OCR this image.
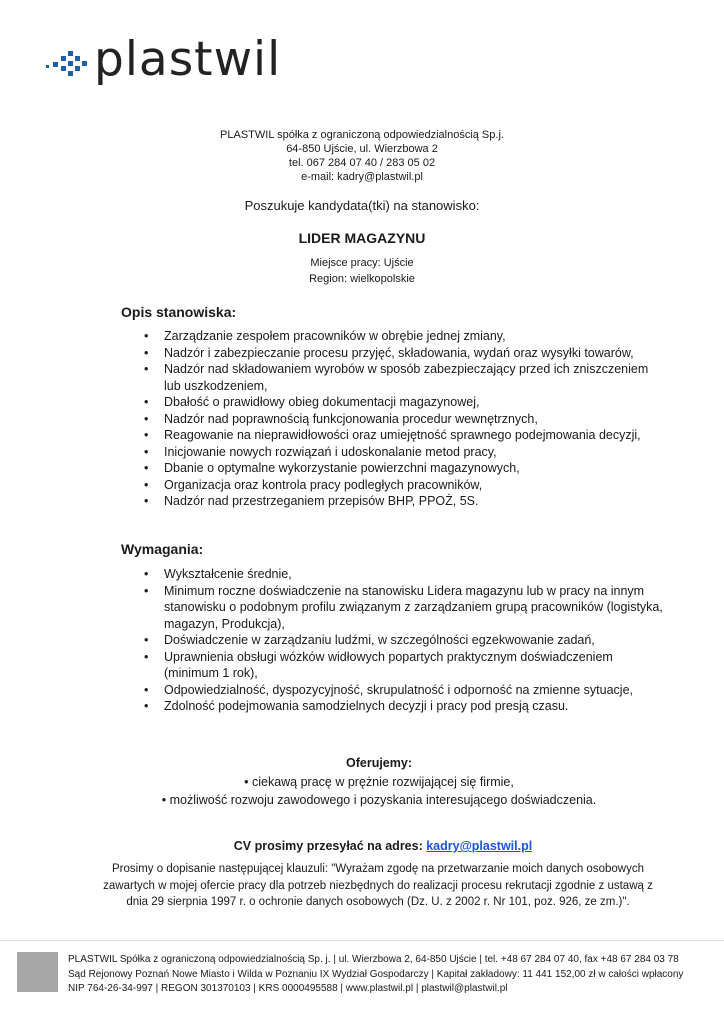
plastwil
PLASTWIL spółka z ograniczoną odpowiedzialnością Sp.j.
64-850 Ujście, ul. Wierzbowa 2
tel. 067 284 07 40 / 283 05 02
e-mail: kadry@plastwil.pl
Poszukuje kandydata(tki) na stanowisko:
LIDER MAGAZYNU
Miejsce pracy: Ujście
Region: wielkopolskie
Opis stanowiska:
• Zarządzanie zespołem pracowników w obrębie jednej zmiany,
• Nadzór i zabezpieczanie procesu przyjęć, składowania, wydań oraz wysyłki towarów,
• Nadzór nad składowaniem wyrobów w sposób zabezpieczający przed ich zniszczeniem lub uszkodzeniem,
• Dbałość o prawidłowy obieg dokumentacji magazynowej,
• Nadzór nad poprawnością funkcjonowania procedur wewnętrznych,
• Reagowanie na nieprawidłowości oraz umiejętność sprawnego podejmowania decyzji,
• Inicjowanie nowych rozwiązań i udoskonalanie metod pracy,
• Dbanie o optymalne wykorzystanie powierzchni magazynowych,
• Organizacja oraz kontrola pracy podległych pracowników,
• Nadzór nad przestrzeganiem przepisów BHP, PPOŻ, 5S.
Wymagania:
• Wykształcenie średnie,
• Minimum roczne doświadczenie na stanowisku Lidera magazynu lub w pracy na innym stanowisku o podobnym profilu związanym z zarządzaniem grupą pracowników (logistyka, magazyn, Produkcja),
• Doświadczenie w zarządzaniu ludźmi, w szczególności egzekwowanie zadań,
• Uprawnienia obsługi wózków widłowych popartych praktycznym doświadczeniem (minimum 1 rok),
• Odpowiedzialność, dyspozycyjność, skrupulatność i odporność na zmienne sytuacje,
• Zdolność podejmowania samodzielnych decyzji i pracy pod presją czasu.
Oferujemy:
• ciekawą pracę w prężnie rozwijającej się firmie,
• możliwość rozwoju zawodowego i pozyskania interesującego doświadczenia.
CV prosimy przesyłać na adres: kadry@plastwil.pl
Prosimy o dopisanie następującej klauzuli: "Wyrażam zgodę na przetwarzanie moich danych osobowych zawartych w mojej ofercie pracy dla potrzeb niezbędnych do realizacji procesu rekrutacji zgodnie z ustawą z dnia 29 sierpnia 1997 r. o ochronie danych osobowych (Dz. U. z 2002 r. Nr 101, poz. 926, ze zm.)".
PLASTWIL Spółka z ograniczoną odpowiedzialnością Sp. j. | ul. Wierzbowa 2, 64-850 Ujście | tel. +48 67 284 07 40, fax +48 67 284 03 78
Sąd Rejonowy Poznań Nowe Miasto i Wilda w Poznaniu IX Wydział Gospodarczy | Kapitał zakładowy: 11 441 152,00 zł w całości wpłacony
NIP 764-26-34-997 | REGON 301370103 | KRS 0000495588 | www.plastwil.pl | plastwil@plastwil.pl
